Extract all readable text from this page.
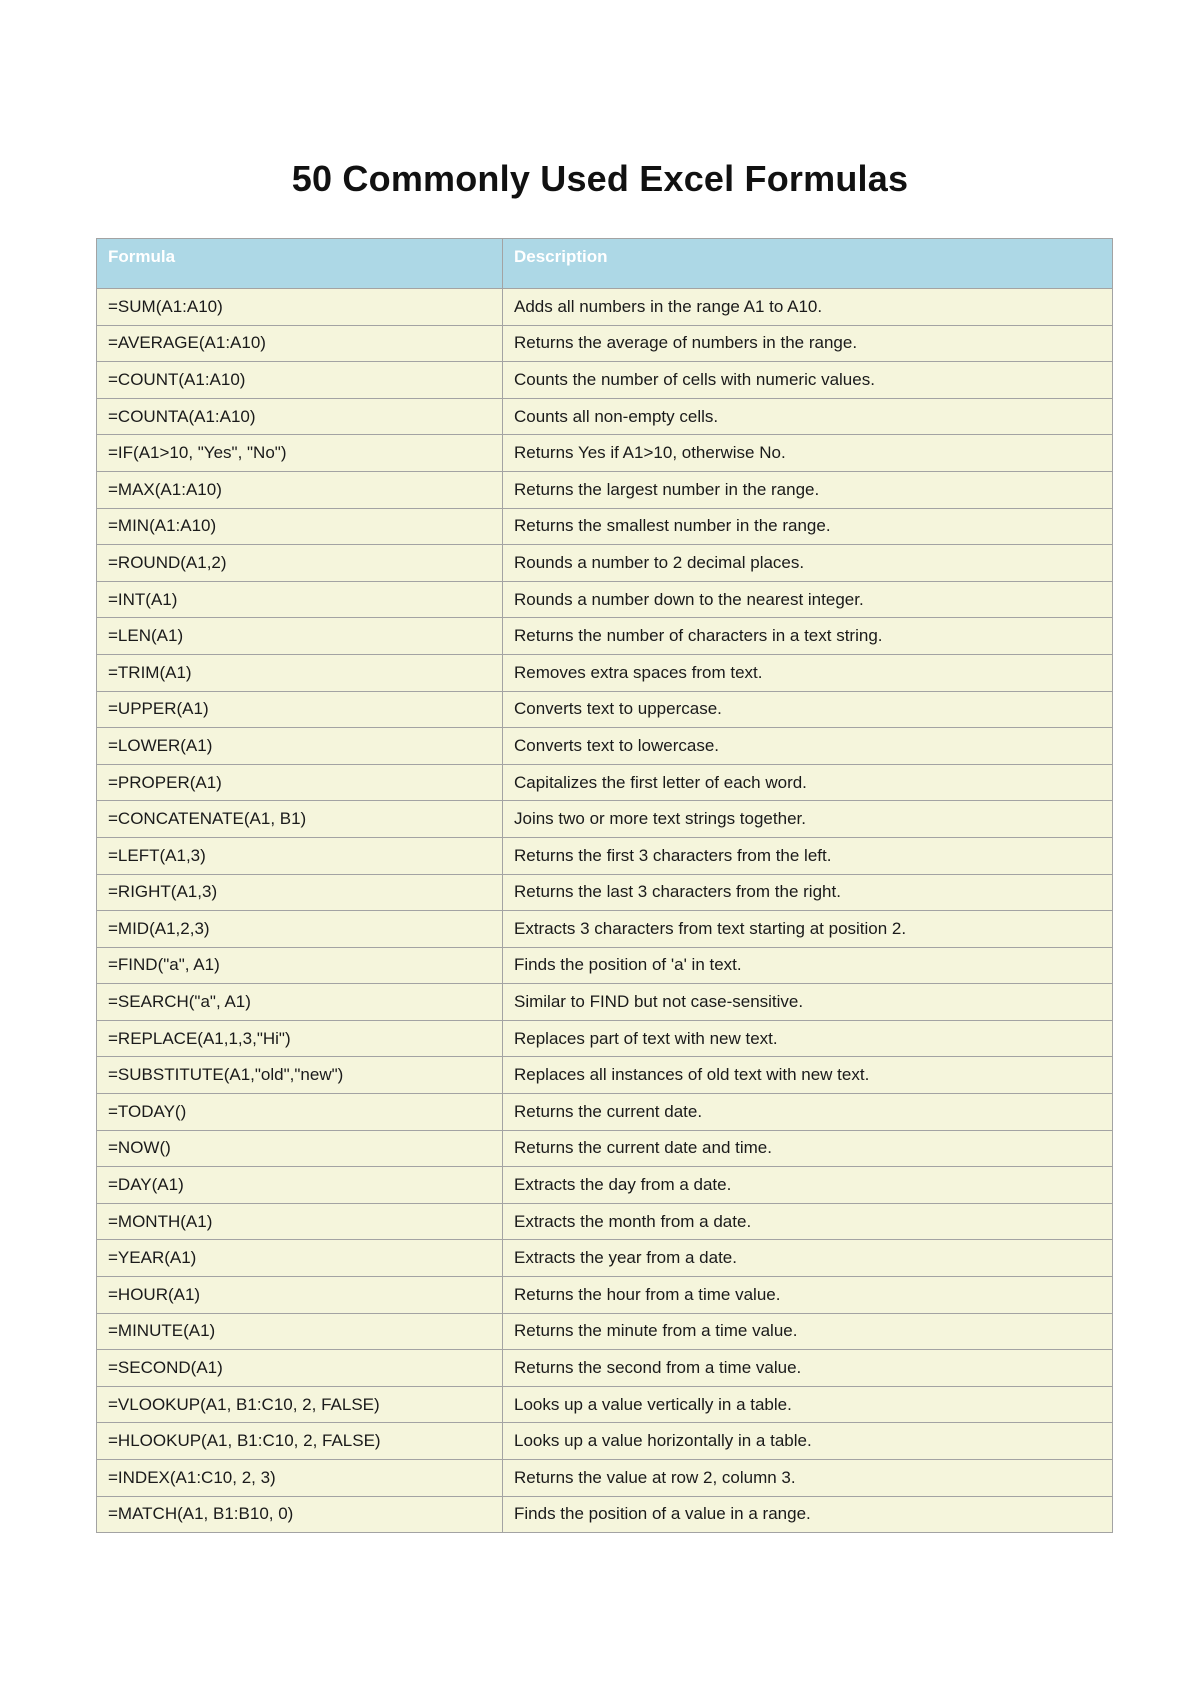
50 Commonly Used Excel Formulas
Formula	Description
=SUM(A1:A10)	Adds all numbers in the range A1 to A10.
=AVERAGE(A1:A10)	Returns the average of numbers in the range.
=COUNT(A1:A10)	Counts the number of cells with numeric values.
=COUNTA(A1:A10)	Counts all non-empty cells.
=IF(A1>10, "Yes", "No")	Returns Yes if A1>10, otherwise No.
=MAX(A1:A10)	Returns the largest number in the range.
=MIN(A1:A10)	Returns the smallest number in the range.
=ROUND(A1,2)	Rounds a number to 2 decimal places.
=INT(A1)	Rounds a number down to the nearest integer.
=LEN(A1)	Returns the number of characters in a text string.
=TRIM(A1)	Removes extra spaces from text.
=UPPER(A1)	Converts text to uppercase.
=LOWER(A1)	Converts text to lowercase.
=PROPER(A1)	Capitalizes the first letter of each word.
=CONCATENATE(A1, B1)	Joins two or more text strings together.
=LEFT(A1,3)	Returns the first 3 characters from the left.
=RIGHT(A1,3)	Returns the last 3 characters from the right.
=MID(A1,2,3)	Extracts 3 characters from text starting at position 2.
=FIND("a", A1)	Finds the position of 'a' in text.
=SEARCH("a", A1)	Similar to FIND but not case-sensitive.
=REPLACE(A1,1,3,"Hi")	Replaces part of text with new text.
=SUBSTITUTE(A1,"old","new")	Replaces all instances of old text with new text.
=TODAY()	Returns the current date.
=NOW()	Returns the current date and time.
=DAY(A1)	Extracts the day from a date.
=MONTH(A1)	Extracts the month from a date.
=YEAR(A1)	Extracts the year from a date.
=HOUR(A1)	Returns the hour from a time value.
=MINUTE(A1)	Returns the minute from a time value.
=SECOND(A1)	Returns the second from a time value.
=VLOOKUP(A1, B1:C10, 2, FALSE)	Looks up a value vertically in a table.
=HLOOKUP(A1, B1:C10, 2, FALSE)	Looks up a value horizontally in a table.
=INDEX(A1:C10, 2, 3)	Returns the value at row 2, column 3.
=MATCH(A1, B1:B10, 0)	Finds the position of a value in a range.
